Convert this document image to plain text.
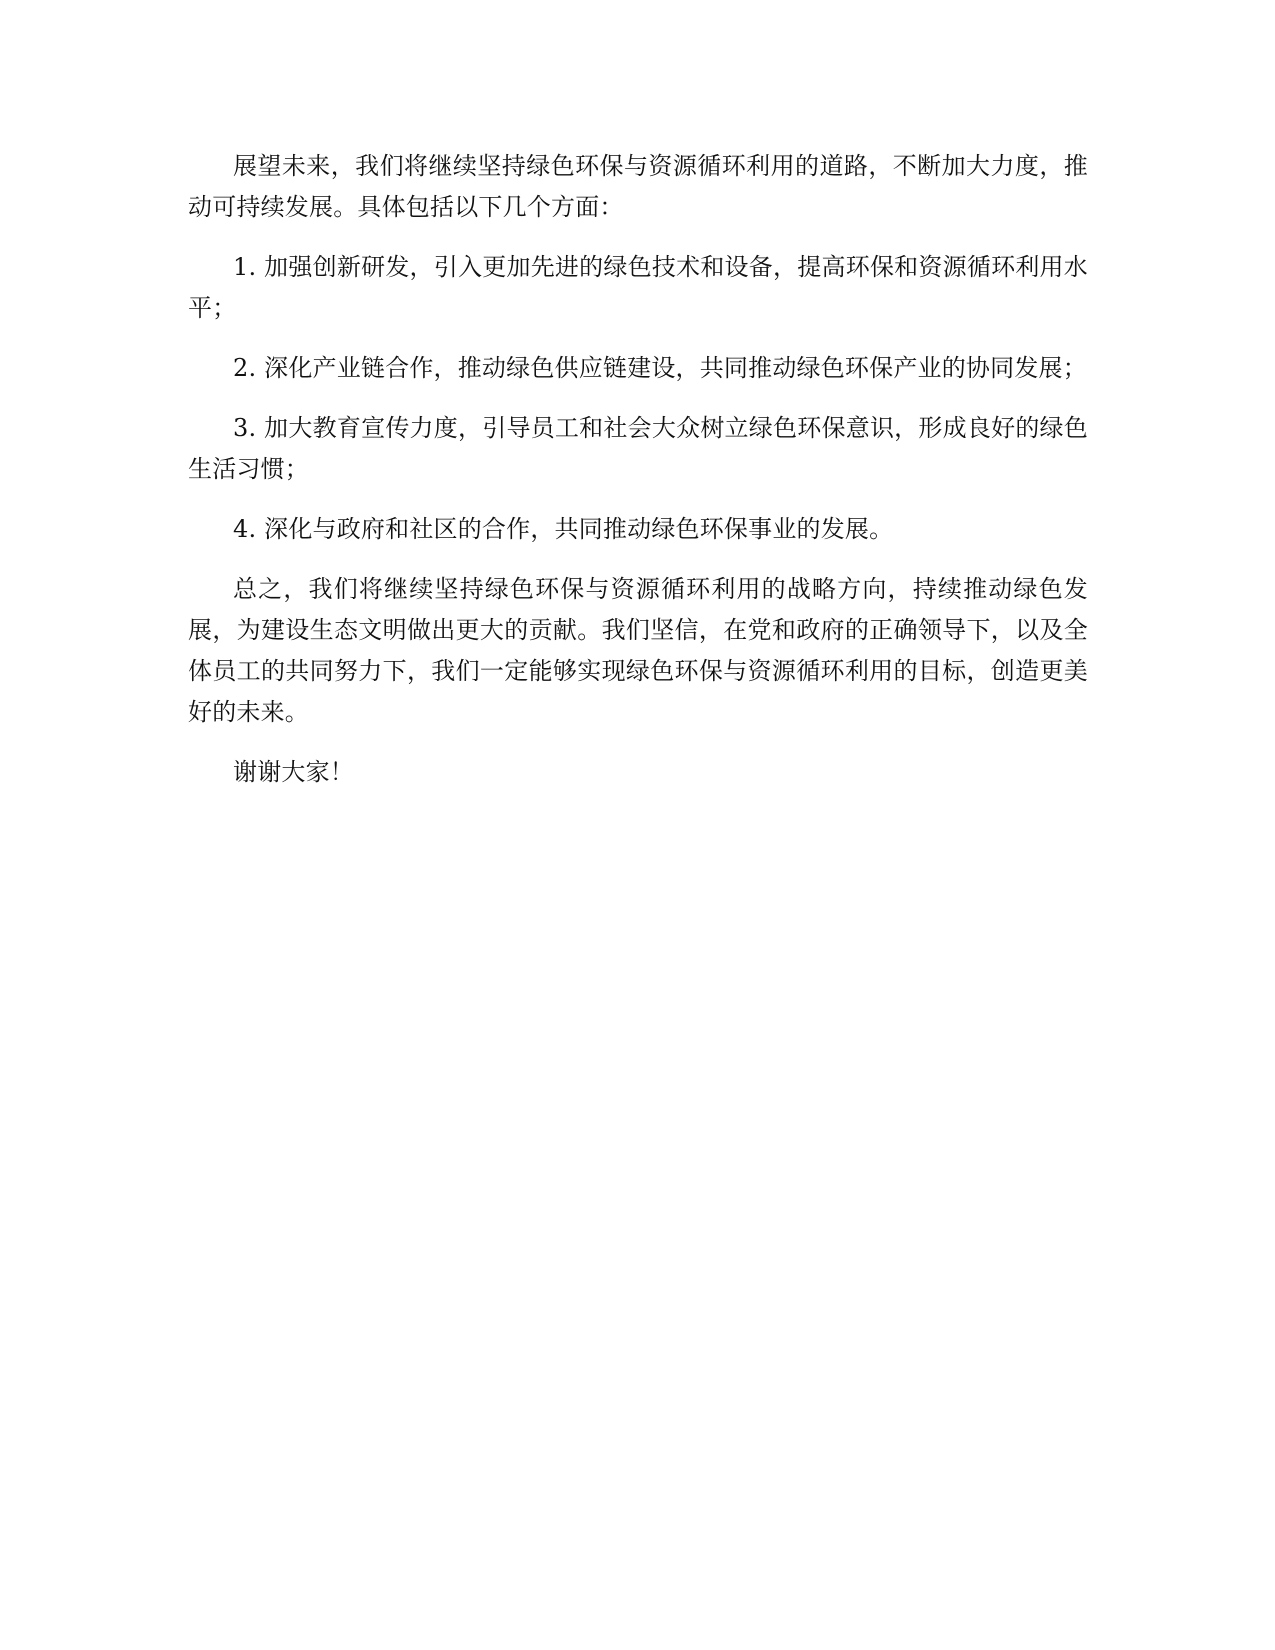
展望未来，我们将继续坚持绿色环保与资源循环利用的道路，不断加大力度，推动可持续发展。具体包括以下几个方面：

1. 加强创新研发，引入更加先进的绿色技术和设备，提高环保和资源循环利用水平；

2. 深化产业链合作，推动绿色供应链建设，共同推动绿色环保产业的协同发展；

3. 加大教育宣传力度，引导员工和社会大众树立绿色环保意识，形成良好的绿色生活习惯；

4. 深化与政府和社区的合作，共同推动绿色环保事业的发展。

总之，我们将继续坚持绿色环保与资源循环利用的战略方向，持续推动绿色发展，为建设生态文明做出更大的贡献。我们坚信，在党和政府的正确领导下，以及全体员工的共同努力下，我们一定能够实现绿色环保与资源循环利用的目标，创造更美好的未来。

谢谢大家！
